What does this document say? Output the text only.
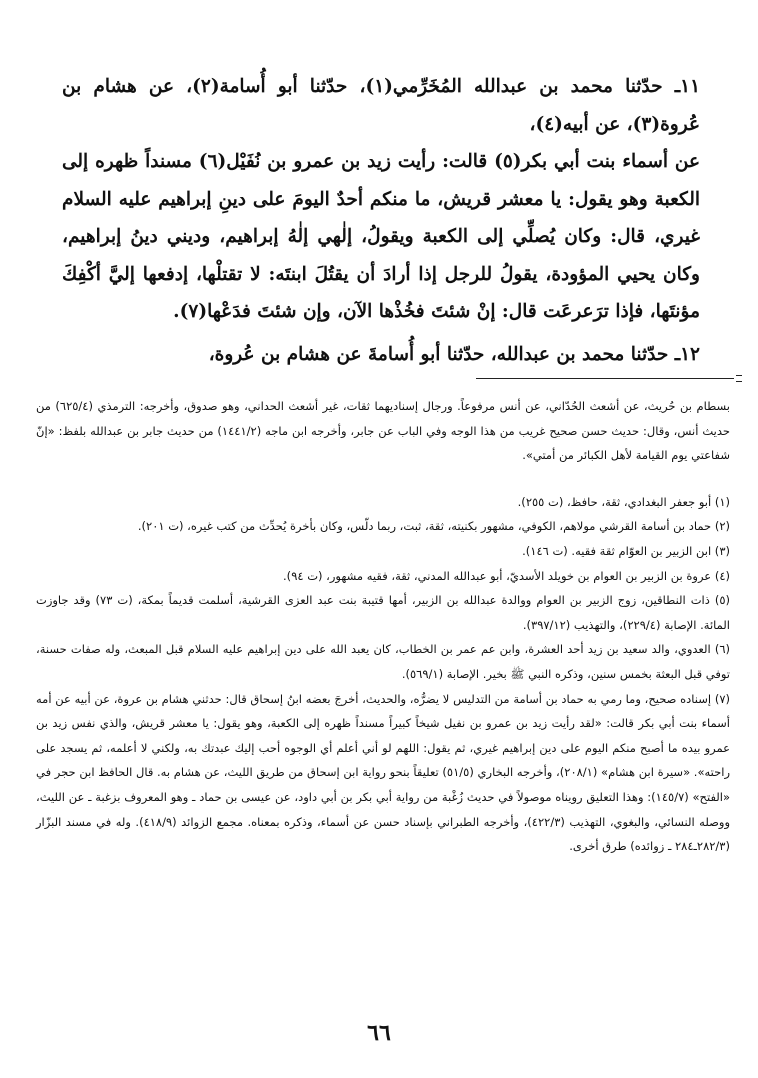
١١ـ حدّثنا محمد بن عبدالله المُخَرِّمي(١)، حدّثنا أبو أُسامة(٢)، عن هشام بن عُروة(٣)، عن أبيه(٤)،

عن أسماء بنت أبي بكر(٥) قالت: رأيت زيد بن عمرو بن نُفَيْل(٦) مسنداً ظهره إلى الكعبة وهو يقول: يا معشر قريش، ما منكم أحدٌ اليومَ على دينِ إبراهيم عليه السلام غيري، قال: وكان يُصلِّي إلى الكعبة ويقولُ، إلٰهي إلٰهُ إبراهيم، وديني دينُ إبراهيم، وكان يحيي المؤودة، يقولُ للرجل إذا أرادَ أن يقتُلَ ابنتَه: لا تقتلْها، إدفعها إليَّ أكْفِكَ مؤنتَها، فإذا ترَعرعَت قال: إنْ شئتَ فخُذْها الآن، وإن شئتَ فدَعْها(٧).

١٢ـ حدّثنا محمد بن عبدالله، حدّثنا أبو أُسامةَ عن هشام بن عُروة،

بسطام بن حُريث، عن أشعث الحُدّاني، عن أنس مرفوعاً. ورجال إسناديهما ثقات، غير أشعث الحداني، وهو صدوق، وأخرجه: الترمذي (٦٢٥/٤) من حديث أنس، وقال: حديث حسن صحيح غريب من هذا الوجه وفي الباب عن جابر، وأخرجه ابن ماجه (١٤٤١/٢) من حديث جابر بن عبدالله بلفظ: «إنّ شفاعتي يوم القيامة لأهل الكبائر من أمتي».

(١) أبو جعفر البغدادي، ثقة، حافظ، (ت ٢٥٥).

(٢) حماد بن أسامة القرشي مولاهم، الكوفي، مشهور بكنيته، ثقة، ثبت، ربما دلّس، وكان بأخرة يُحدِّث من كتب غيره، (ت ٢٠١).

(٣) ابن الزبير بن العوّام ثقة فقيه. (ت ١٤٦).

(٤) عروة بن الزبير بن العوام بن خويلد الأسديّ، أبو عبدالله المدني، ثقة، فقيه مشهور، (ت ٩٤).

(٥) ذات النطاقين، زوج الزبير بن العوام ووالدة عبدالله بن الزبير، أمها قتيبة بنت عبد العزى القرشية، أسلمت قديماً بمكة، (ت ٧٣) وقد جاوزت المائة. الإصابة (٢٢٩/٤)، والتهذيب (٣٩٧/١٢).

(٦) العدوي، والد سعيد بن زيد أحد العشرة، وابن عم عمر بن الخطاب، كان يعبد الله على دين إبراهيم عليه السلام قبل المبعث، وله صفات حسنة، توفي قبل البعثة بخمس سنين، وذكره النبي ﷺ بخير. الإصابة (٥٦٩/١).

(٧) إسناده صحيح، وما رمي به حماد بن أسامة من التدليس لا يضرُّه، والحديث، أخرجَ بعضه ابنُ إسحاق قال: حدثني هشام بن عروة، عن أبيه عن أمه أسماء بنت أبي بكر قالت: «لقد رأيت زيد بن عمرو بن نفيل شيخاً كبيراً مسنداً ظهره إلى الكعبة، وهو يقول: يا معشر قريش، والذي نفس زيد بن عمرو بيده ما أصبح منكم اليوم على دين إبراهيم غيري، ثم يقول: اللهم لو أني أعلم أي الوجوه أحب إليك عبدتك به، ولكني لا أعلمه، ثم يسجد على راحته». «سيرة ابن هشام» (٢٠٨/١)، وأخرجه البخاري (٥١/٥) تعليقاً بنحو رواية ابن إسحاق من طريق الليث، عن هشام به. قال الحافظ ابن حجر في «الفتح» (١٤٥/٧): وهذا التعليق رويناه موصولاً في حديث زُغْبة من رواية أبي بكر بن أبي داود، عن عيسى بن حماد ـ وهو المعروف بزغبة ـ عن الليث، ووصله النسائي، والبغوي، التهذيب (٤٢٢/٣)، وأخرجه الطبراني بإسناد حسن عن أسماء، وذكره بمعناه. مجمع الزوائد (٤١٨/٩). وله في مسند البزّار (٢٨٢/٣ـ٢٨٤ ـ زوائده) طرق أخرى.

٦٦
